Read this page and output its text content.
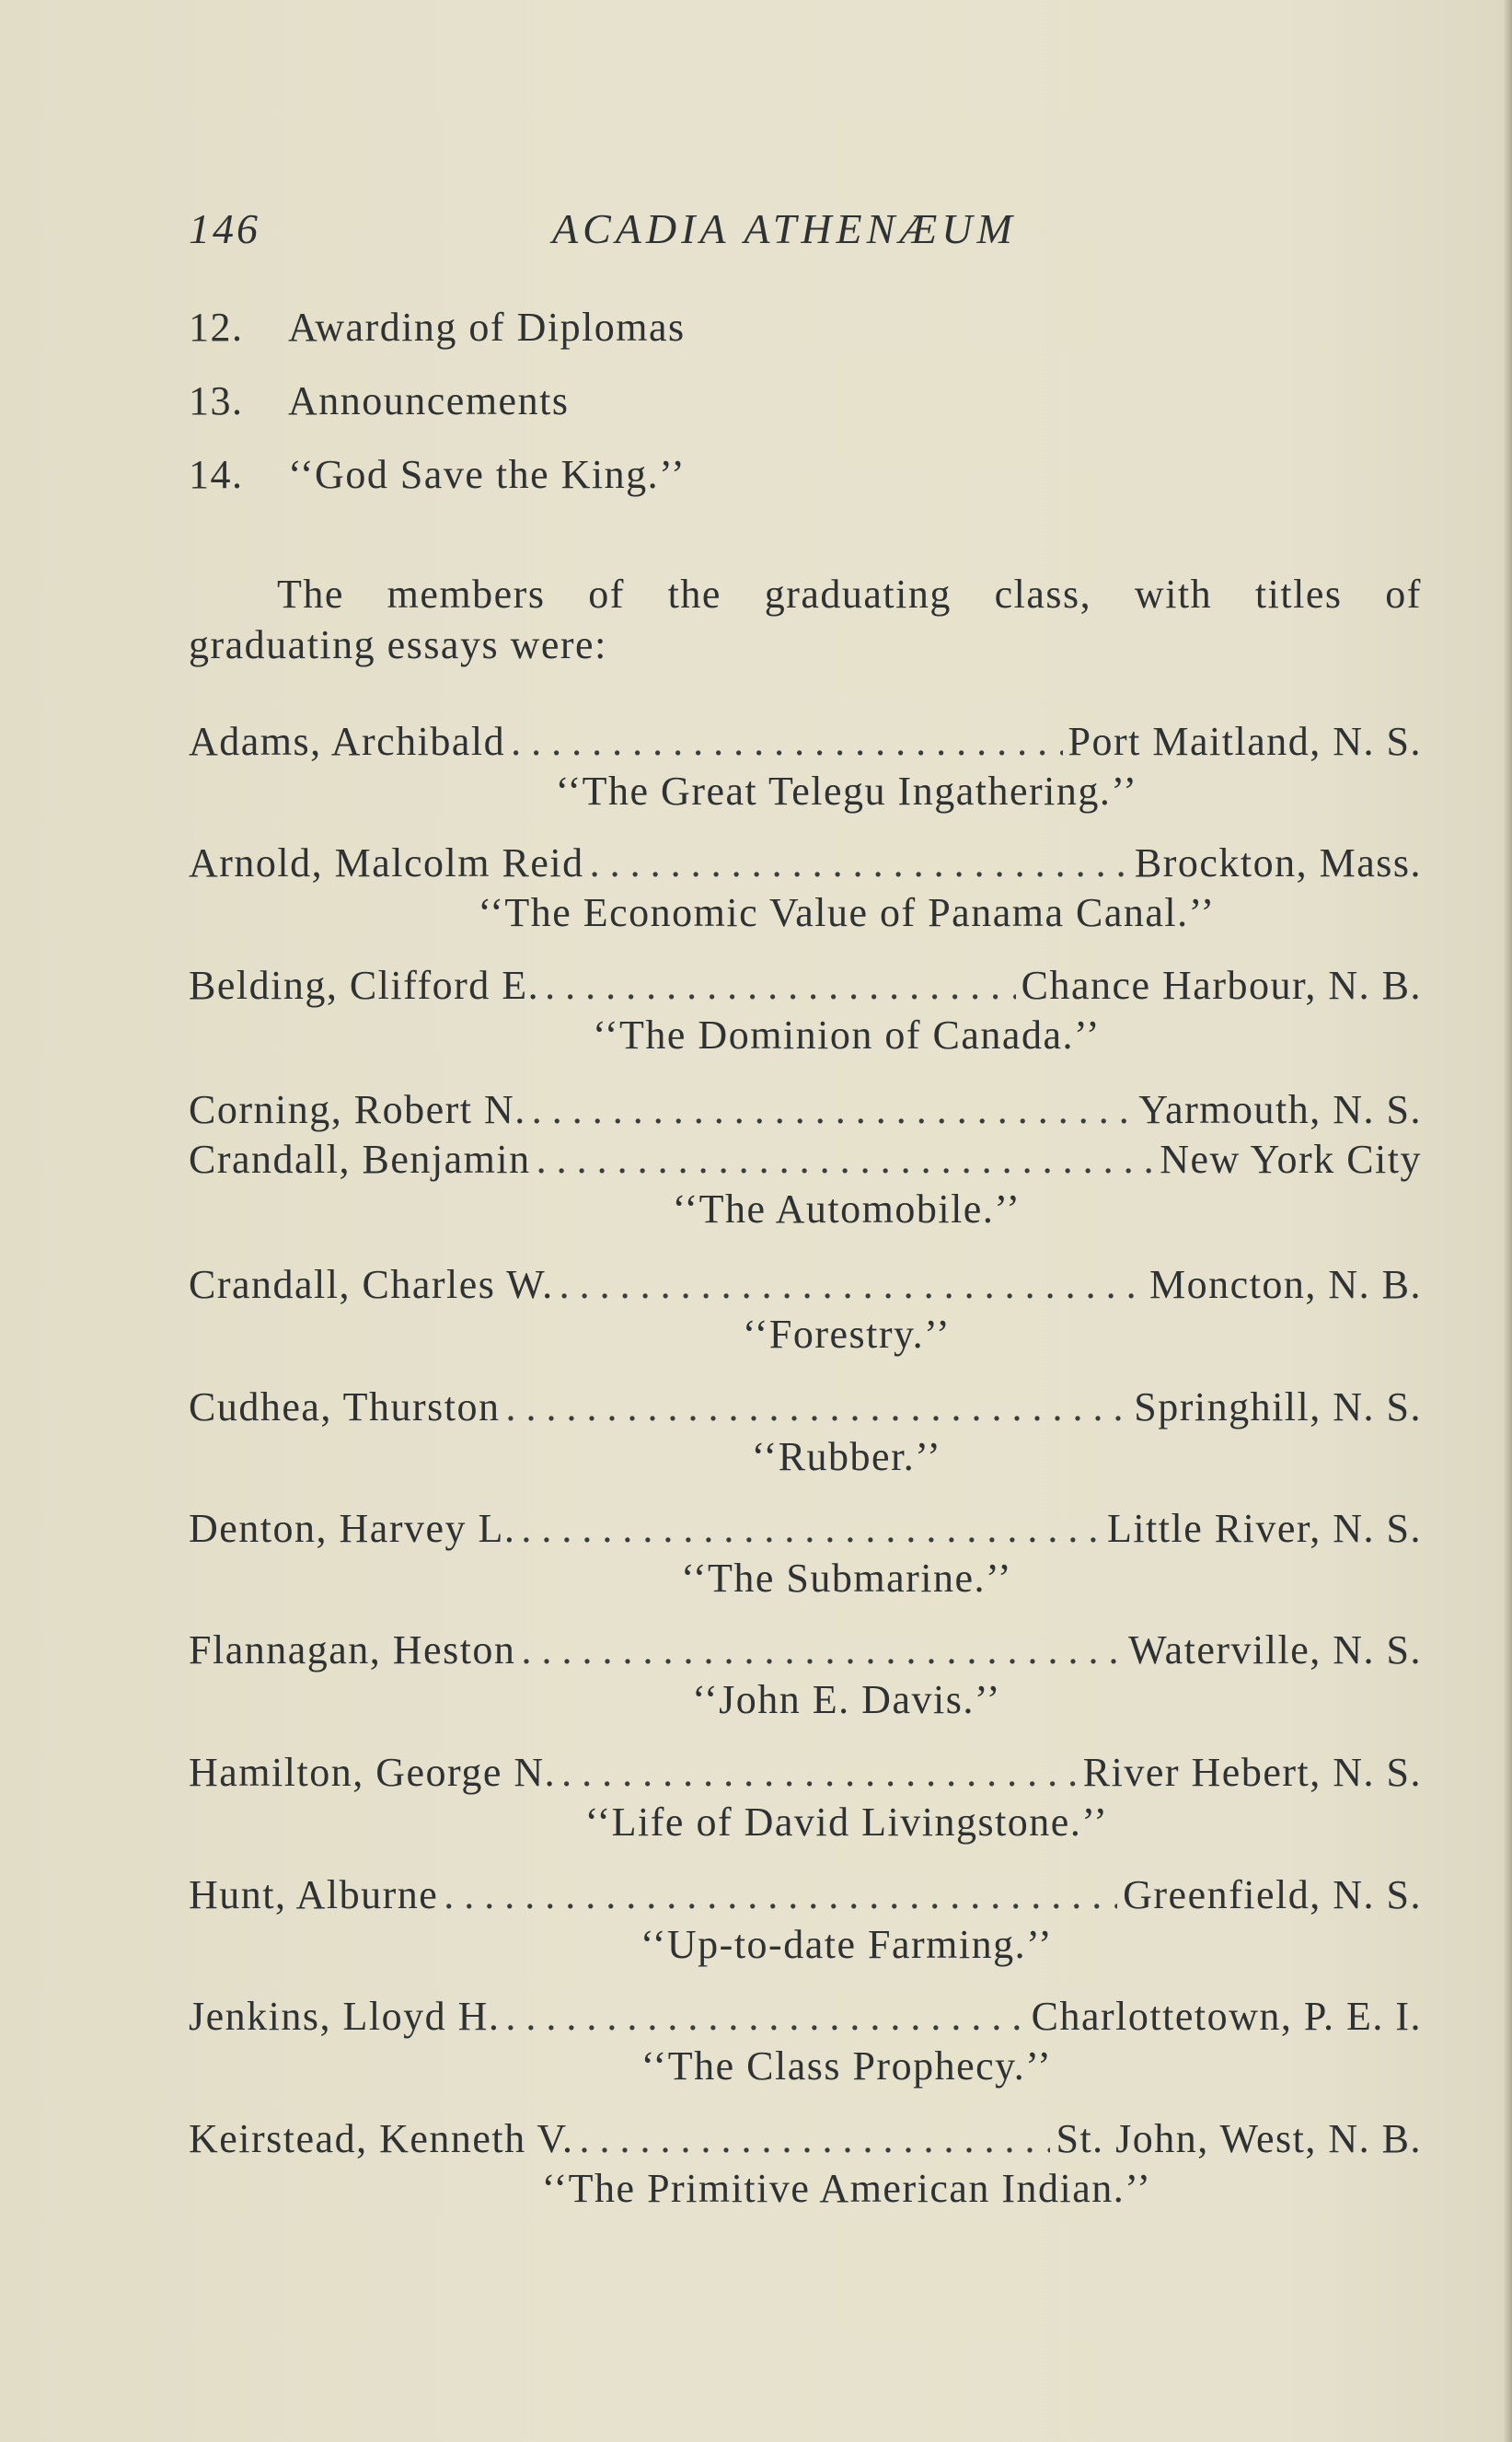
146	ACADIA ATHENÆUM
12. Awarding of Diplomas
13. Announcements
14. ‘‘God Save the King.’’
The members of the graduating class, with titles of
graduating essays were:
Adams, Archibald . . .	Port Maitland, N. S.
‘‘The Great Telegu Ingathering.’’
Arnold, Malcolm Reid . . .	Brockton, Mass.
‘‘The Economic Value of Panama Canal.’’
Belding, Clifford E. . . .	Chance Harbour, N. B.
‘‘The Dominion of Canada.’’
Corning, Robert N. . . .	Yarmouth, N. S.
Crandall, Benjamin . . .	New York City
‘‘The Automobile.’’
Crandall, Charles W. . . .	Moncton, N. B.
‘‘Forestry.’’
Cudhea, Thurston . . .	Springhill, N. S.
‘‘Rubber.’’
Denton, Harvey L. . . .	Little River, N. S.
‘‘The Submarine.’’
Flannagan, Heston . . .	Waterville, N. S.
‘‘John E. Davis.’’
Hamilton, George N. . . .	River Hebert, N. S.
‘‘Life of David Livingstone.’’
Hunt, Alburne . . .	Greenfield, N. S.
‘‘Up-to-date Farming.’’
Jenkins, Lloyd H. . . .	Charlottetown, P. E. I.
‘‘The Class Prophecy.’’
Keirstead, Kenneth V. . . .	St. John, West, N. B.
‘‘The Primitive American Indian.’’
